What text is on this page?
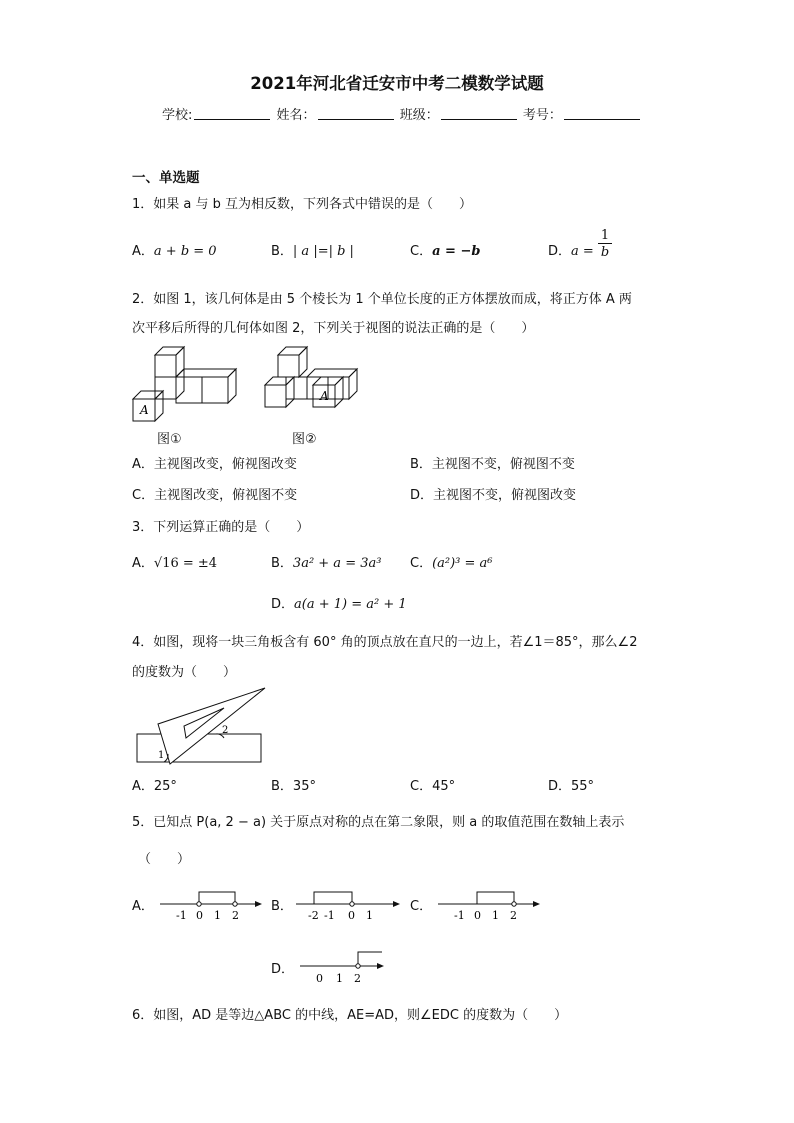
2021年河北省迁安市中考二模数学试题
学校:	姓名：	班级：	考号：
一、单选题
1．如果 a 与 b 互为相反数，下列各式中错误的是（　　）
A．a + b = 0	B．| a |=| b |	C．a = −b	D．$a = \frac{1}{b}$
2．如图 1，该几何体是由 5 个棱长为 1 个单位长度的正方体摆放而成，将正方体 A 两
次平移后所得的几何体如图 2，下列关于视图的说法正确的是（　　）
A
A
图①	图②
A．主视图改变，俯视图改变	B．主视图不变，俯视图不变
C．主视图改变，俯视图不变	D．主视图不变，俯视图改变
3．下列运算正确的是（　　）
A．√16 = ±4	B．3a² + a = 3a³ C．(a²)³ = a⁶
D．a(a + 1) = a² + 1
4．如图，现将一块三角板含有 60° 角的顶点放在直尺的一边上，若∠1＝85°，那么∠2
的度数为（　　）
1
2
A．25°	B．35°	C．45°	D．55°
5．已知点 P(a, 2 − a) 关于原点对称的点在第二象限，则 a 的取值范围在数轴上表示
（　　）
A．
-1 0 1 2
B．
-2 -1 0 1
C．
-1 0 1 2
D．
0 1 2
6．如图，AD 是等边△ABC 的中线，AE=AD，则∠EDC 的度数为（　　）
